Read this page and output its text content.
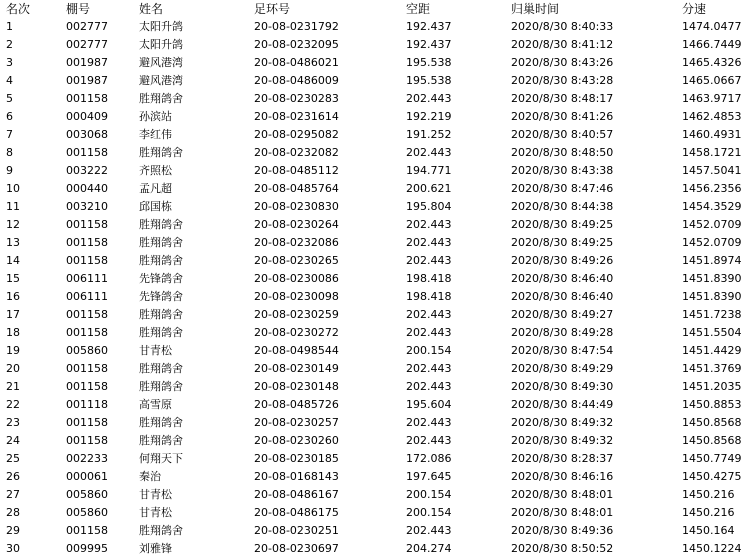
名次	棚号	姓名	足环号	空距	归巢时间	分速
1	002777	太阳升鸽	20-08-0231792	192.437	2020/8/30 8:40:33	1474.0477
2	002777	太阳升鸽	20-08-0232095	192.437	2020/8/30 8:41:12	1466.7449
3	001987	避风港湾	20-08-0486021	195.538	2020/8/30 8:43:26	1465.4326
4	001987	避风港湾	20-08-0486009	195.538	2020/8/30 8:43:28	1465.0667
5	001158	胜翔鸽舍	20-08-0230283	202.443	2020/8/30 8:48:17	1463.9717
6	000409	孙滨站	20-08-0231614	192.219	2020/8/30 8:41:26	1462.4853
7	003068	李红伟	20-08-0295082	191.252	2020/8/30 8:40:57	1460.4931
8	001158	胜翔鸽舍	20-08-0232082	202.443	2020/8/30 8:48:50	1458.1721
9	003222	齐照松	20-08-0485112	194.771	2020/8/30 8:43:38	1457.5041
10	000440	孟凡超	20-08-0485764	200.621	2020/8/30 8:47:46	1456.2356
11	003210	邱国栋	20-08-0230830	195.804	2020/8/30 8:44:38	1454.3529
12	001158	胜翔鸽舍	20-08-0230264	202.443	2020/8/30 8:49:25	1452.0709
13	001158	胜翔鸽舍	20-08-0232086	202.443	2020/8/30 8:49:25	1452.0709
14	001158	胜翔鸽舍	20-08-0230265	202.443	2020/8/30 8:49:26	1451.8974
15	006111	先锋鸽舍	20-08-0230086	198.418	2020/8/30 8:46:40	1451.8390
16	006111	先锋鸽舍	20-08-0230098	198.418	2020/8/30 8:46:40	1451.8390
17	001158	胜翔鸽舍	20-08-0230259	202.443	2020/8/30 8:49:27	1451.7238
18	001158	胜翔鸽舍	20-08-0230272	202.443	2020/8/30 8:49:28	1451.5504
19	005860	甘青松	20-08-0498544	200.154	2020/8/30 8:47:54	1451.4429
20	001158	胜翔鸽舍	20-08-0230149	202.443	2020/8/30 8:49:29	1451.3769
21	001158	胜翔鸽舍	20-08-0230148	202.443	2020/8/30 8:49:30	1451.2035
22	001118	高雪原	20-08-0485726	195.604	2020/8/30 8:44:49	1450.8853
23	001158	胜翔鸽舍	20-08-0230257	202.443	2020/8/30 8:49:32	1450.8568
24	001158	胜翔鸽舍	20-08-0230260	202.443	2020/8/30 8:49:32	1450.8568
25	002233	何翔天下	20-08-0230185	172.086	2020/8/30 8:28:37	1450.7749
26	000061	秦治	20-08-0168143	197.645	2020/8/30 8:46:16	1450.4275
27	005860	甘青松	20-08-0486167	200.154	2020/8/30 8:48:01	1450.216
28	005860	甘青松	20-08-0486175	200.154	2020/8/30 8:48:01	1450.216
29	001158	胜翔鸽舍	20-08-0230251	202.443	2020/8/30 8:49:36	1450.164
30	009995	刘雅锋	20-08-0230697	204.274	2020/8/30 8:50:52	1450.1224
